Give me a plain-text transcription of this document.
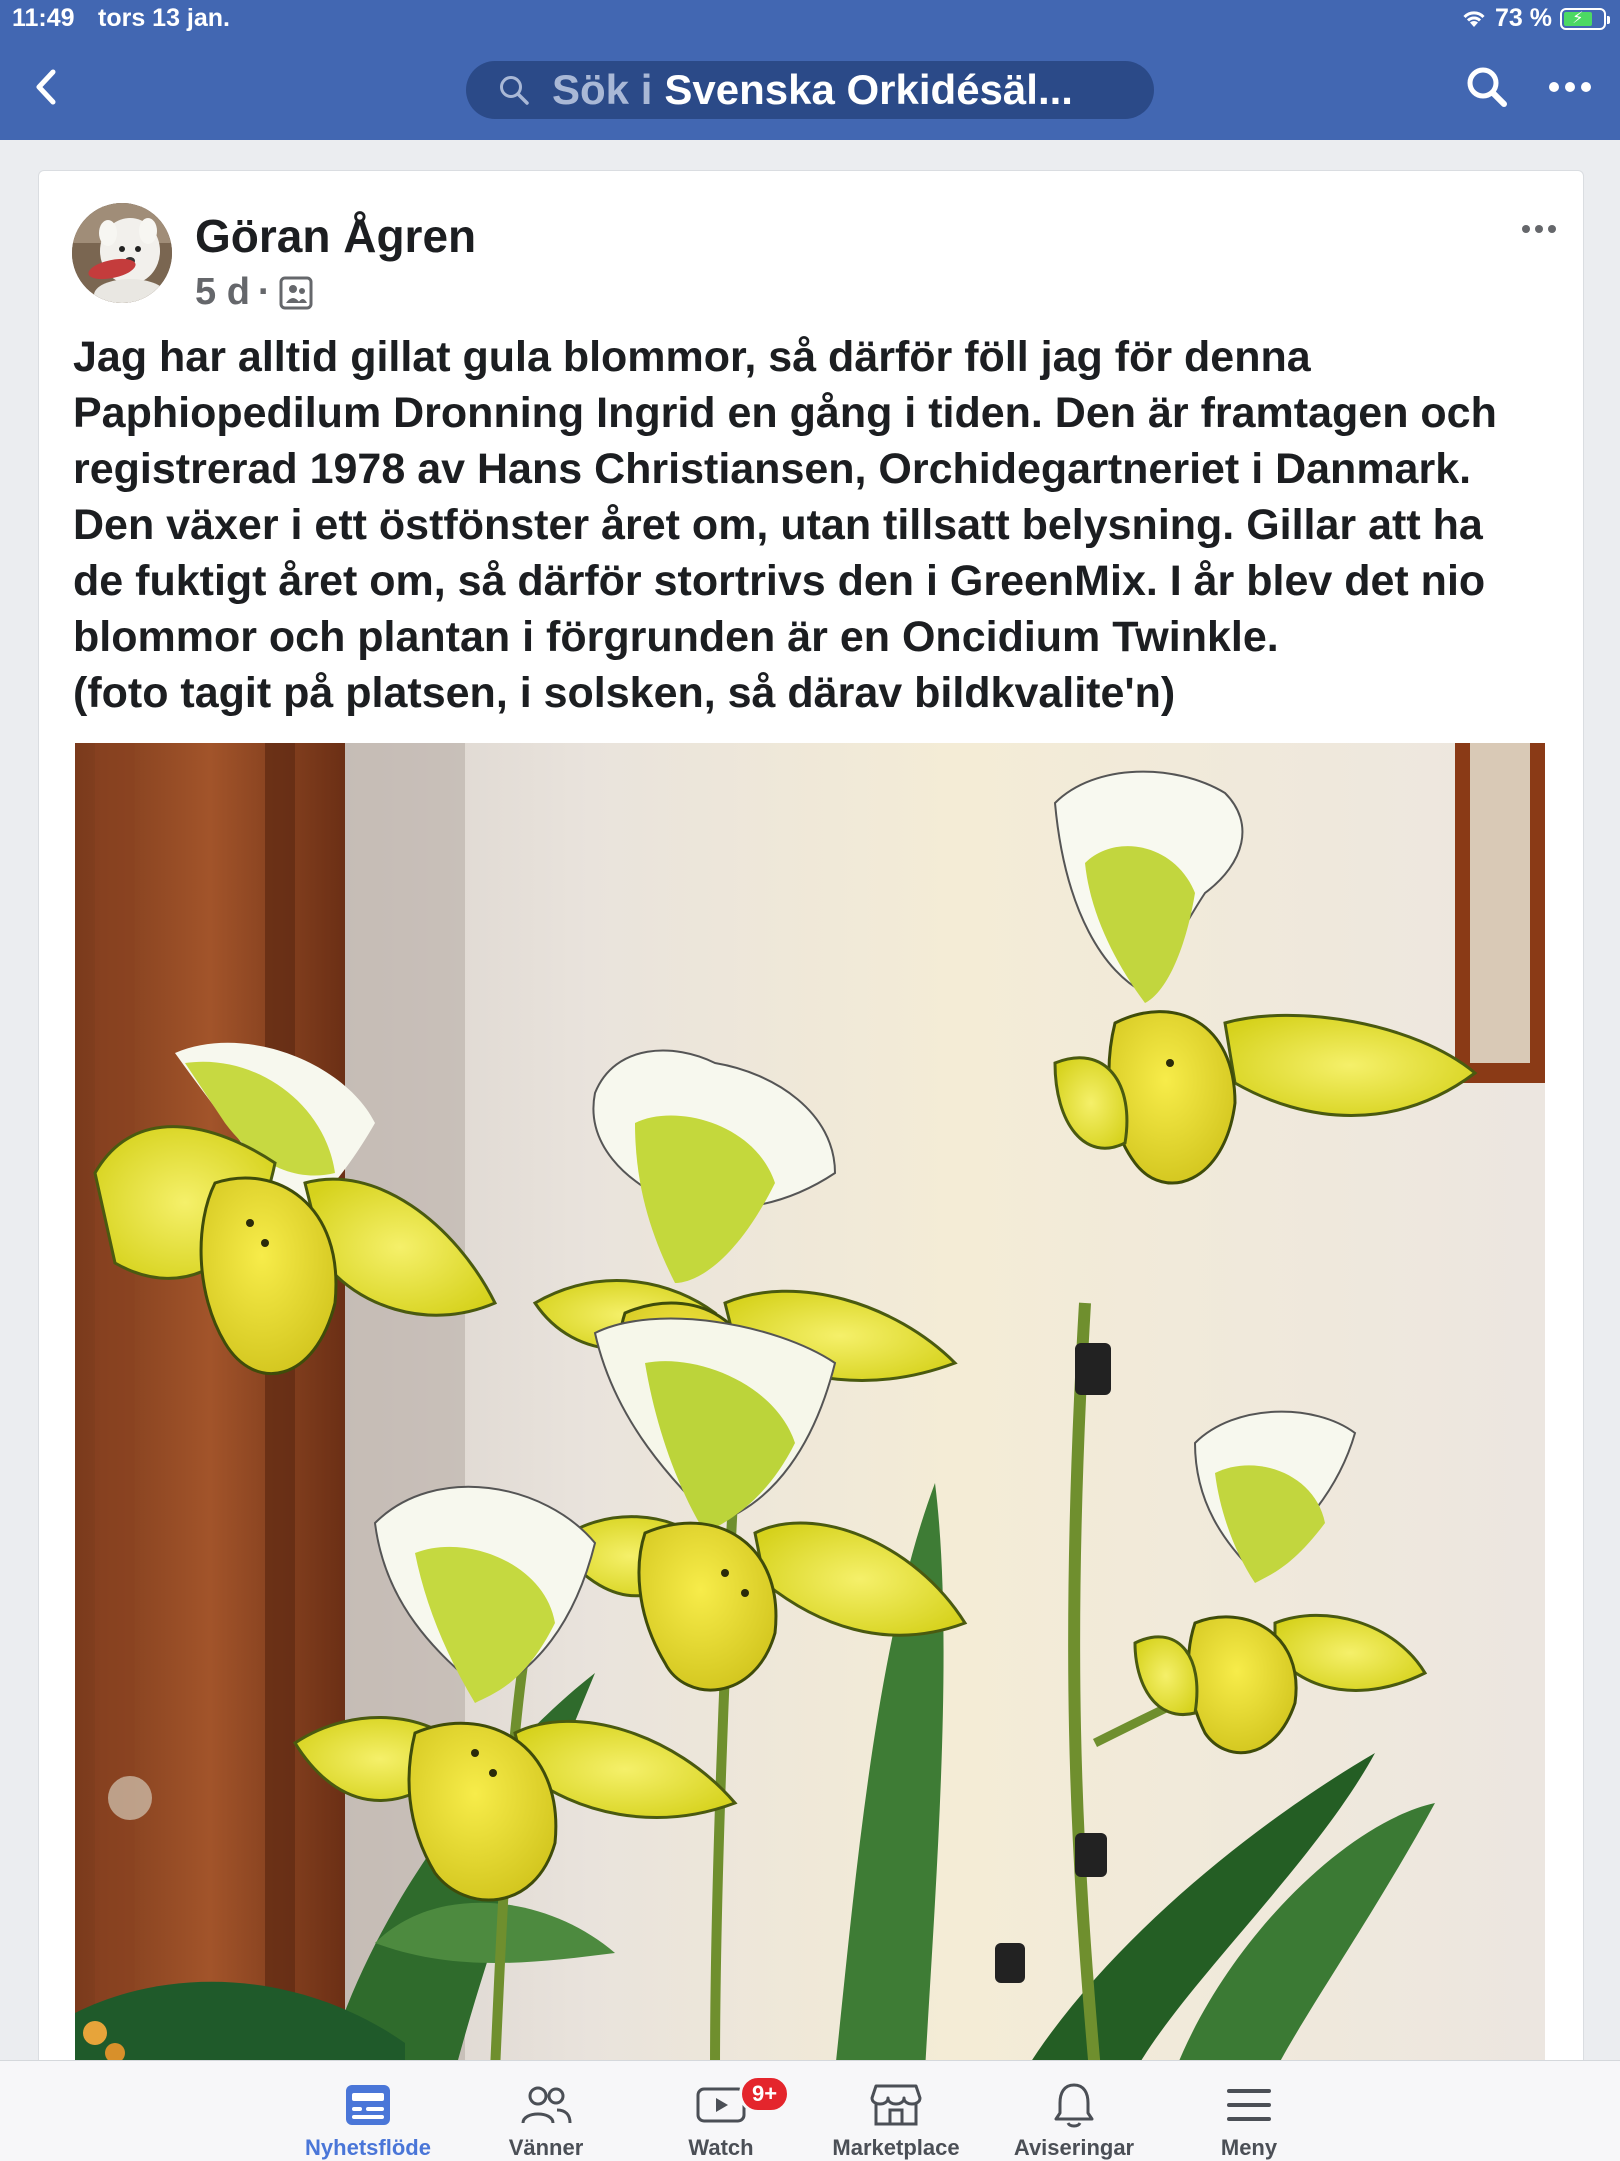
11:49 tors 13 jan.	73 % ⚡
Sök i Svenska Orkidésäl...
Göran Ågren
5 d ·

Jag har alltid gillat gula blommor, så därför föll jag för denna

Paphiopedilum Dronning Ingrid en gång i tiden. Den är framtagen och

registrerad 1978 av Hans Christiansen, Orchidegartneriet i Danmark.

Den växer i ett östfönster året om, utan tillsatt belysning. Gillar att ha

de fuktigt året om, så därför stortrivs den i GreenMix. I år blev det nio

blommor och plantan i förgrunden är en Oncidium Twinkle.

(foto tagit på platsen, i solsken, så därav bildkvalite'n)

Nyhetsflöde	Vänner
9+
Watch	Marketplace	Aviseringar	Meny
